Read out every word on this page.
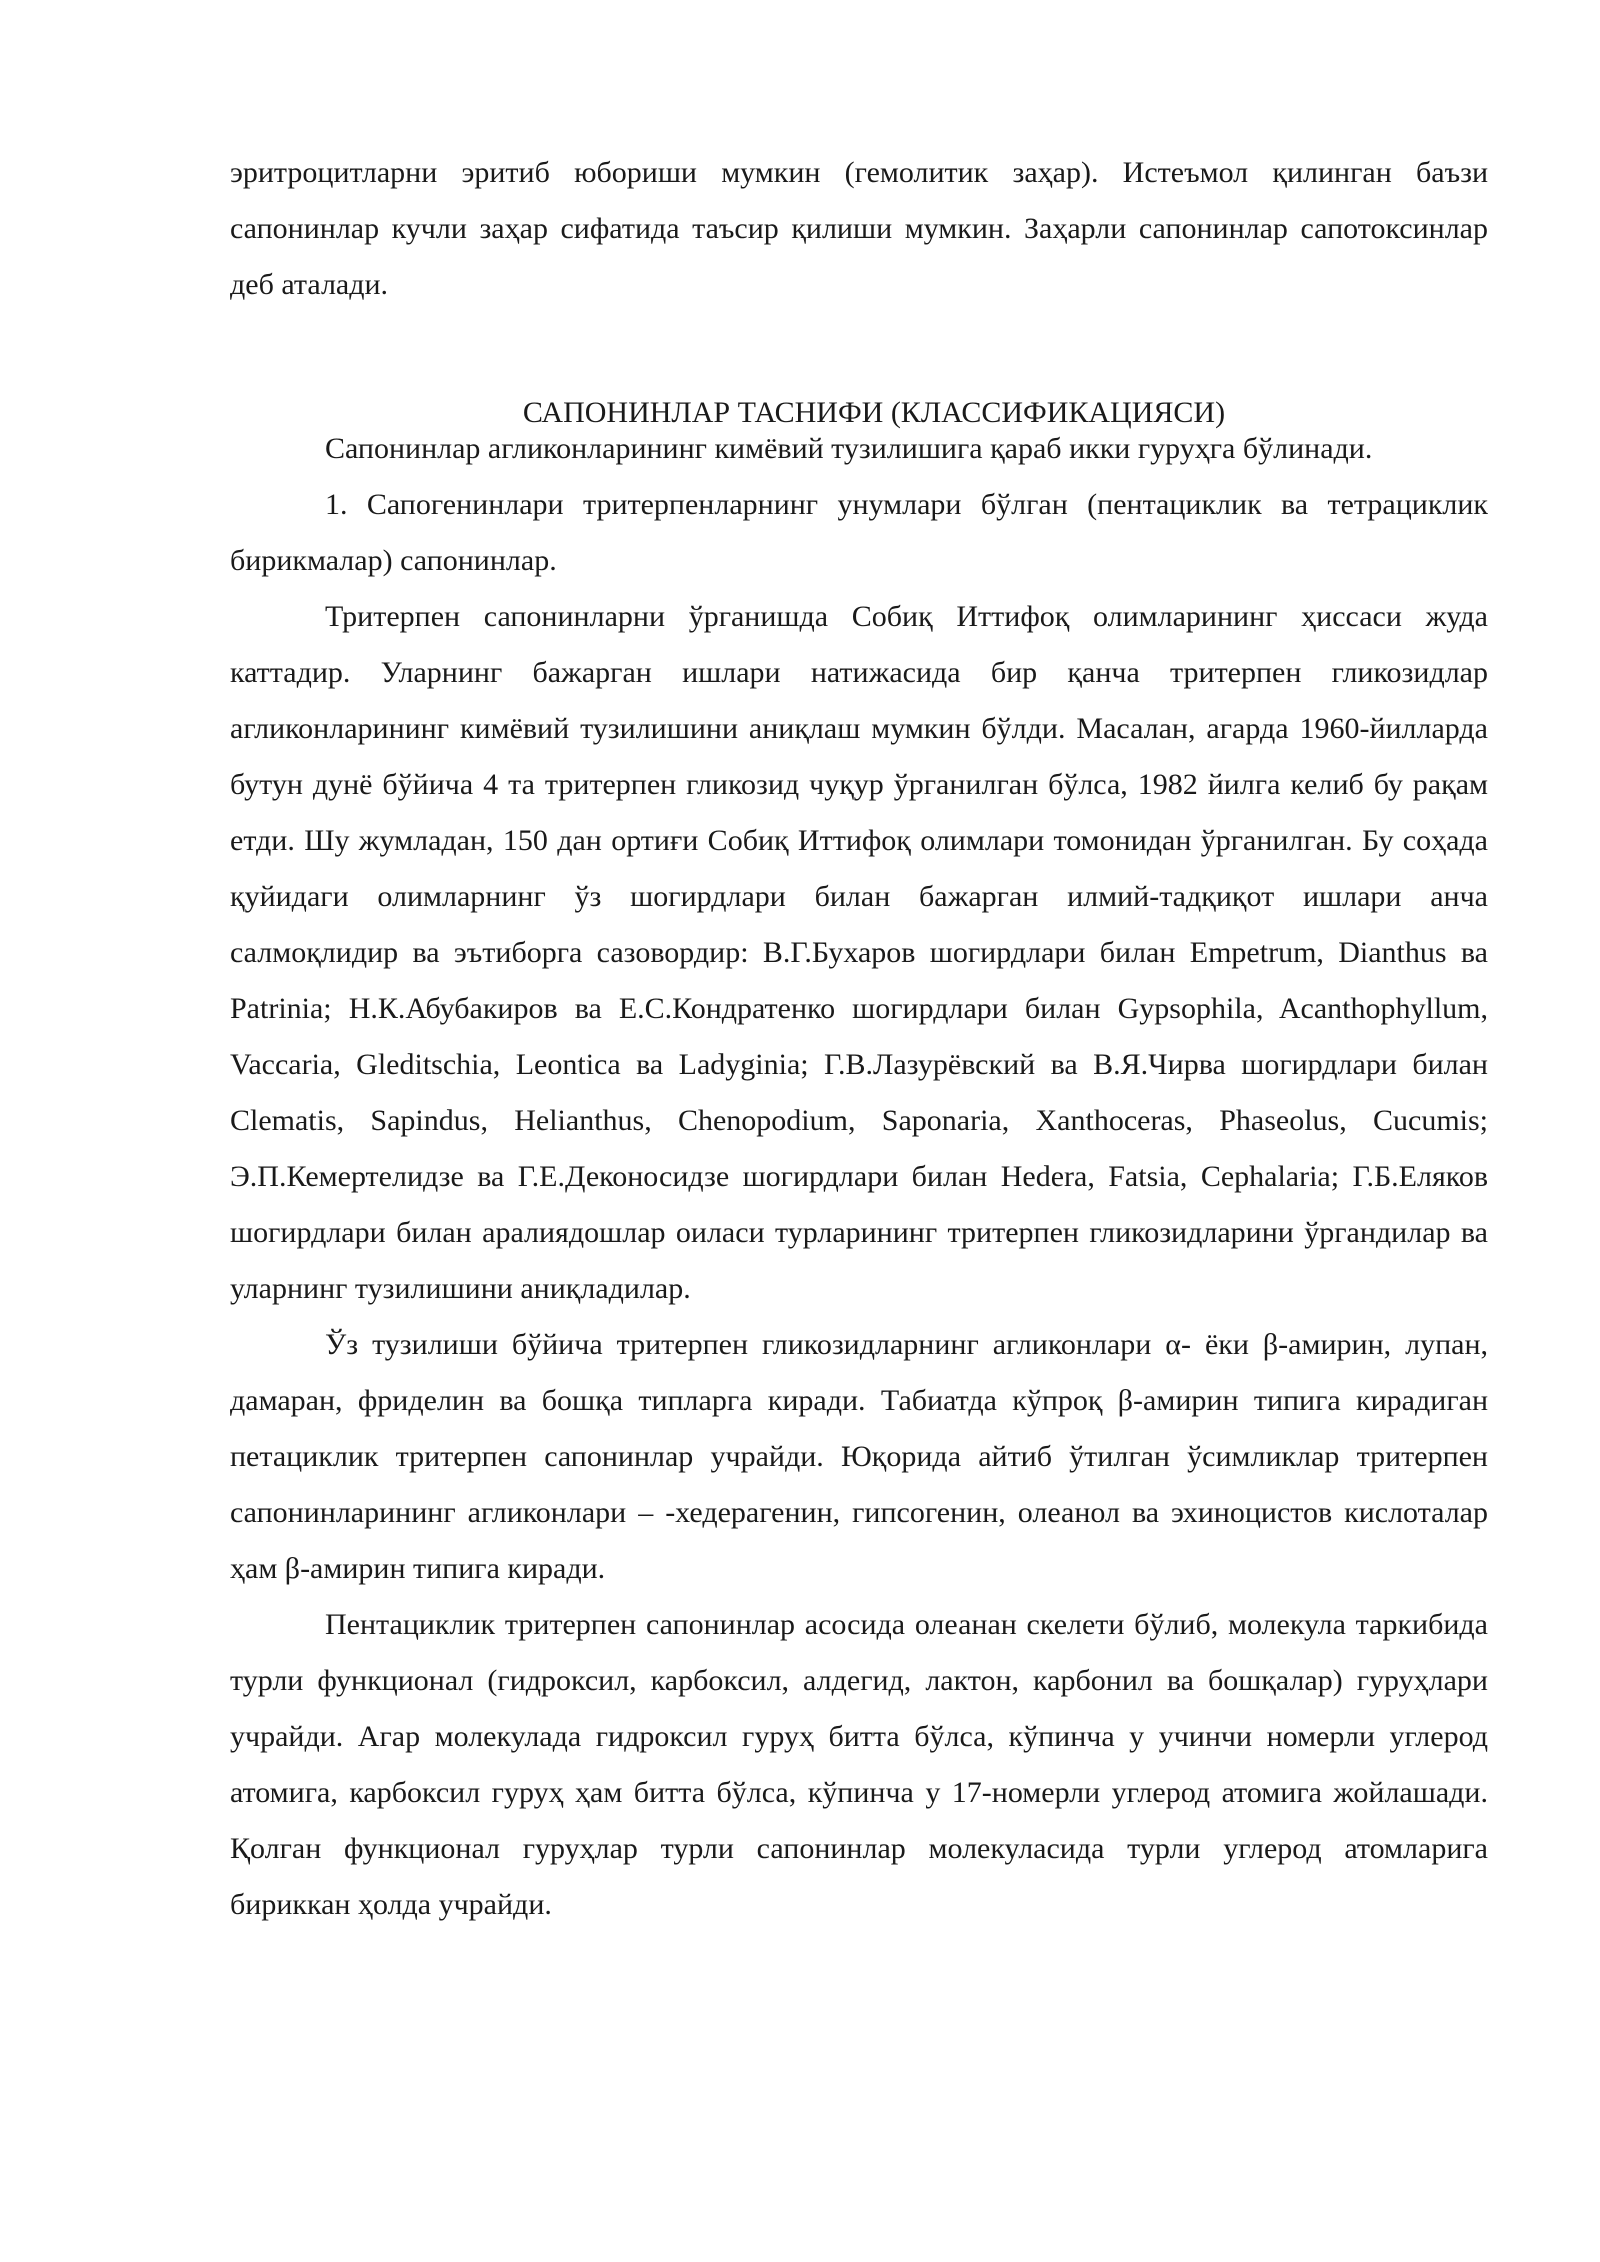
эритроцитларни эритиб юбориши мумкин (гемолитик заҳар). Истеъмол қилинган баъзи сапонинлар кучли заҳар сифатида таъсир қилиши мумкин. Заҳарли сапонинлар сапотоксинлар деб аталади.

САПОНИНЛАР ТАСНИФИ (КЛАССИФИКАЦИЯСИ)

Сапонинлар агликонларининг кимёвий тузилишига қараб икки гуруҳга бўлинади.

1. Сапогенинлари тритерпенларнинг унумлари бўлган (пентациклик ва тетрациклик бирикмалар) сапонинлар.

Тритерпен сапонинларни ўрганишда Собиқ Иттифоқ олимларининг ҳиссаси жуда каттадир. Уларнинг бажарган ишлари натижасида бир қанча тритерпен гликозидлар агликонларининг кимёвий тузилишини аниқлаш мумкин бўлди. Масалан, агарда 1960-йилларда бутун дунё бўйича 4 та тритерпен гликозид чуқур ўрганилган бўлса, 1982 йилга келиб бу рақам етди. Шу жумладан, 150 дан ортиғи Собиқ Иттифоқ олимлари томонидан ўрганилган. Бу соҳада қуйидаги олимларнинг ўз шогирдлари билан бажарган илмий-тадқиқот ишлари анча салмоқлидир ва эътиборга сазовордир: В.Г.Бухаров шогирдлари билан Empetrum, Dianthus ва Patrinia; Н.К.Абубакиров ва Е.С.Кондратенко шогирдлари билан Gypsophila, Acanthophyllum, Vaccaria, Gleditschia, Leontica ва Ladyginia; Г.В.Лазурёвский ва В.Я.Чирва шогирдлари билан Clematis, Sapindus, Helianthus, Chenopodium, Saponaria, Xanthoceras, Phaseolus, Cucumis; Э.П.Кемертелидзе ва Г.Е.Деконосидзе шогирдлари билан Hedera, Fatsia, Cephalaria; Г.Б.Еляков шогирдлари билан аралиядошлар оиласи турларининг тритерпен гликозидларини ўргандилар ва уларнинг тузилишини аниқладилар.

Ўз тузилиши бўйича тритерпен гликозидларнинг агликонлари α- ёки β-амирин, лупан, дамаран, фриделин ва бошқа типларга киради. Табиатда кўпроқ β-амирин типига кирадиган петациклик тритерпен сапонинлар учрайди. Юқорида айтиб ўтилган ўсимликлар тритерпен сапонинларининг агликонлари – -хедерагенин, гипсогенин, олеанол ва эхиноцистов кислоталар ҳам β-амирин типига киради.

Пентациклик тритерпен сапонинлар асосида олеанан скелети бўлиб, молекула таркибида турли функционал (гидроксил, карбоксил, алдегид, лактон, карбонил ва бошқалар) гуруҳлари учрайди. Агар молекулада гидроксил гуруҳ битта бўлса, кўпинча у учинчи номерли углерод атомига, карбоксил гуруҳ ҳам битта бўлса, кўпинча у 17-номерли углерод атомига жойлашади. Қолган функционал гуруҳлар турли сапонинлар молекуласида турли углерод атомларига бириккан ҳолда учрайди.
